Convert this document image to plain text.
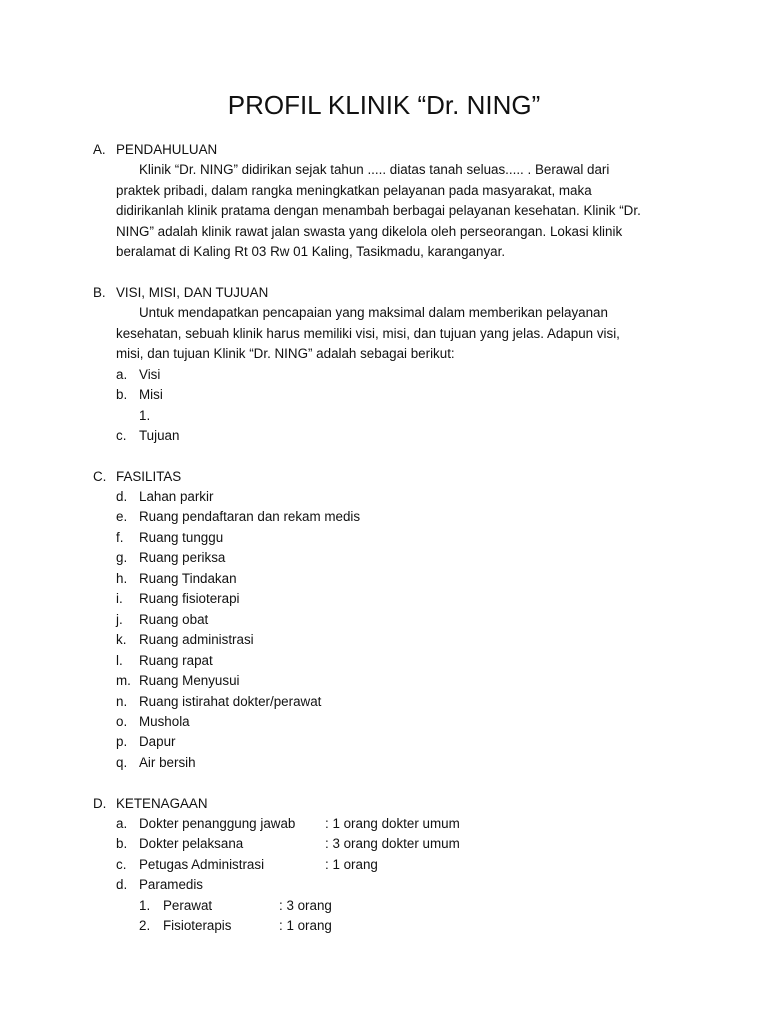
PROFIL KLINIK “Dr. NING”
A. PENDAHULUAN
Klinik “Dr. NING” didirikan sejak tahun ..... diatas tanah seluas..... . Berawal dari
praktek pribadi, dalam rangka meningkatkan pelayanan pada masyarakat, maka
didirikanlah klinik pratama dengan menambah berbagai pelayanan kesehatan. Klinik “Dr.
NING” adalah klinik rawat jalan swasta yang dikelola oleh perseorangan. Lokasi klinik
beralamat di Kaling Rt 03 Rw 01 Kaling, Tasikmadu, karanganyar.
B. VISI, MISI, DAN TUJUAN
Untuk mendapatkan pencapaian yang maksimal dalam memberikan pelayanan
kesehatan, sebuah klinik harus memiliki visi, misi, dan tujuan yang jelas. Adapun visi,
misi, dan tujuan Klinik “Dr. NING” adalah sebagai berikut:
a. Visi
b. Misi
1.
c. Tujuan
C. FASILITAS
d. Lahan parkir
e. Ruang pendaftaran dan rekam medis
f. Ruang tunggu
g. Ruang periksa
h. Ruang Tindakan
i. Ruang fisioterapi
j. Ruang obat
k. Ruang administrasi
l. Ruang rapat
m. Ruang Menyusui
n. Ruang istirahat dokter/perawat
o. Mushola
p. Dapur
q. Air bersih
D. KETENAGAAN
a. Dokter penanggung jawab : 1 orang dokter umum
b. Dokter pelaksana	: 3 orang dokter umum
c. Petugas Administrasi	: 1 orang
d. Paramedis
1. Perawat	: 3 orang
2. Fisioterapis	: 1 orang
